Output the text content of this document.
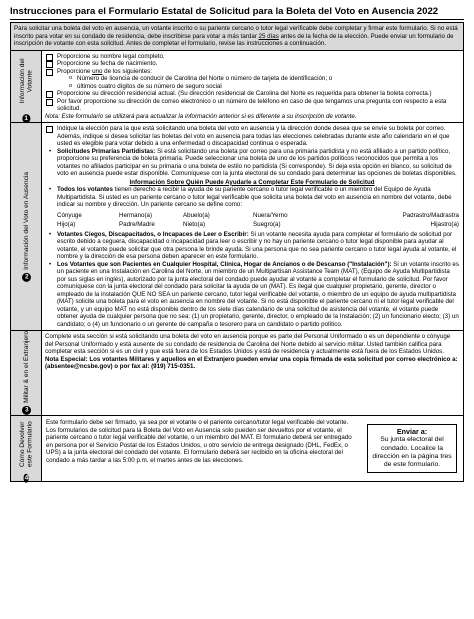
Instrucciones para el Formulario Estatal de Solicitud para la Boleta del Voto en Ausencia 2022
Para solicitar una boleta del voto en ausencia, un votante inscrito o su pariente cercano o tutor legal verificable debe completar y firmar este formulario. Si no está inscrito para votar en su condado de residencia, debe inscribirse para votar a más tardar 25 días antes de la fecha de la elección. Puede enviar un formulario de inscripción de votante con esta solicitud. Antes de completar el formulario, revise las instrucciones a continuación.
1
Información del Votante
Proporcione su nombre legal completo.
Proporcione su fecha de nacimiento.
Proporcione uno de los siguientes:
o Número de licencia de conducir de Carolina del Norte o número de tarjeta de identificación; o
o últimos cuatro dígitos de su número de seguro social
Proporcione su dirección residencial actual. (Su dirección residencial de Carolina del Norte es requerida para obtener la boleta correcta.)
Por favor proporcione su dirección de correo electrónico o un número de teléfono en caso de que tengamos una pregunta con respecto a esta solicitud.
Nota: Este formulario se utilizará para actualizar la información anterior si es diferente a su inscripción de votante.
2
Información del Voto en Ausencia
Indique la elección para la que está solicitando una boleta del voto en ausencia y la dirección donde desea que se envíe su boleta por correo. Además, indique si desea solicitar las boletas del voto en ausencia para todas las elecciones celebradas durante este año calendario en el que usted es elegible para votar debido a una enfermedad o discapacidad continua o esperada.
• Solicitudes Primarias Partidistas: Si está solicitando una boleta por correo para una primaria partidista y no está afiliado a un partido político, proporcione su preferencia de boleta primaria. Puede seleccionar una boleta de uno de los partidos políticos reconocidos que permita a los votantes no afiliados participar en su primaria o una boleta de estilo no partidista (Si corresponde). Si deja esta opción en blanco, su solicitud de voto en ausencia puede estar disponible. Comuníquese con la junta electoral de su condado para determinar las opciones de boletas disponibles.
Información Sobre Quién Puede Ayudarle a Completar Este Formulario de Solicitud
• Todos los votantes tienen derecho a recibir la ayuda de su pariente cercano o tutor legal verificable o un miembro del Equipo de Ayuda Multipartidista. Si usted es un pariente cercano o tutor legal verificable que solicita una boleta del voto en ausencia en nombre del votante, debe indicar su nombre y dirección. Un pariente cercano se define como:
Cónyuge	Hermano(a)	Abuelo(a)	Nuera/Yerno	Padrastro/Madrastra
Hijo(a)	Padre/Madre	Nieto(a)	Suegro(a)	Hijastro(a)
• Votantes Ciegos, Discapacitados, o Incapaces de Leer o Escribir: Si un votante necesita ayuda para completar el formulario de solicitud por escrito debido a ceguera, discapacidad o incapacidad para leer o escribir y no hay un pariente cercano o tutor legal disponible para ayudar al votante, el votante puede solicitar que otra persona le brinde ayuda. Si una persona que no sea pariente cercano o tutor legal ayuda al votante, el nombre y la dirección de esa persona deben aparecer en este formulario.
• Los Votantes que son Pacientes en Cualquier Hospital, Clínica, Hogar de Ancianos o de Descanso ("Instalación"): Si un votante inscrito es un paciente en una Instalación en Carolina del Norte, un miembro de un Multipartisan Assistance Team (MAT), (Equipo de Ayuda Multipartidista por sus siglas en inglés), autorizado por la junta electoral del condado puede ayudar al votante a completar el formulario de solicitud. Por favor comuníquese con la junta electoral del condado para solicitar la ayuda de un (MAT). Es ilegal que cualquier propietario, gerente, director o empleado de la instalación QUE NO SEA un pariente cercano, tutor legal verificable del votante, o miembro de un equipo de ayuda multipartidista (MAT) solicite una boleta para el voto en ausencia en nombre del votante. Si no está disponible el pariente cercano ni el tutor legal verificable del votante, y un equipo MAT no está disponible dentro de los siete días calendario de una solicitud de asistencia del votante, el votante puede obtener ayuda de cualquier persona que no sea: (1) un propietario, gerente, director, o empleado de la Instalación; (2) un funcionario electo; (3) un candidato; o (4) un funcionario o un gerente de campaña o tesorero para un candidato o partido político.
3
Militar & en el Extranjero	Complete esta sección si está solicitando una boleta del voto en ausencia porque es parte del Personal Uniformado o es un dependiente o cónyuge del Personal Uniformado y está ausente de su condado de residencia de Carolina del Norte debido al servicio militar. Usted también califica para completar esta sección si es un civil y que está fuera de los Estados Unidos y está de residencia y actualmente está fuera de los Estados Unidos.
Nota Especial: Los votantes Militares y aquellos en el Extranjero pueden enviar una copia firmada de esta solicitud por correo electrónico a: (absentee@ncsbe.gov) o por fax al: (919) 715-0351.
4
Cómo Devolver este Formulario	Este formulario debe ser firmado, ya sea por el votante o el pariente cercano/tutor legal verificable del votante. Los formularios de solicitud para la Boleta del Voto en Ausencia solo pueden ser devueltos por el votante, el pariente cercano o tutor legal verificable del votante, o un miembro del MAT. El formulario deberá ser entregado en persona por el Servicio Postal de los Estados Unidos, u otro servicio de entrega designado (DHL, FedEx, o UPS) a la junta electoral del condado del votante. El formulario deberá ser recibido en la oficina electoral del condado a más tardar a las 5:00 p.m. el martes antes de las elecciones.
Enviar a:
Su junta electoral del condado. Localice la dirección en la página tres de este formulario.
